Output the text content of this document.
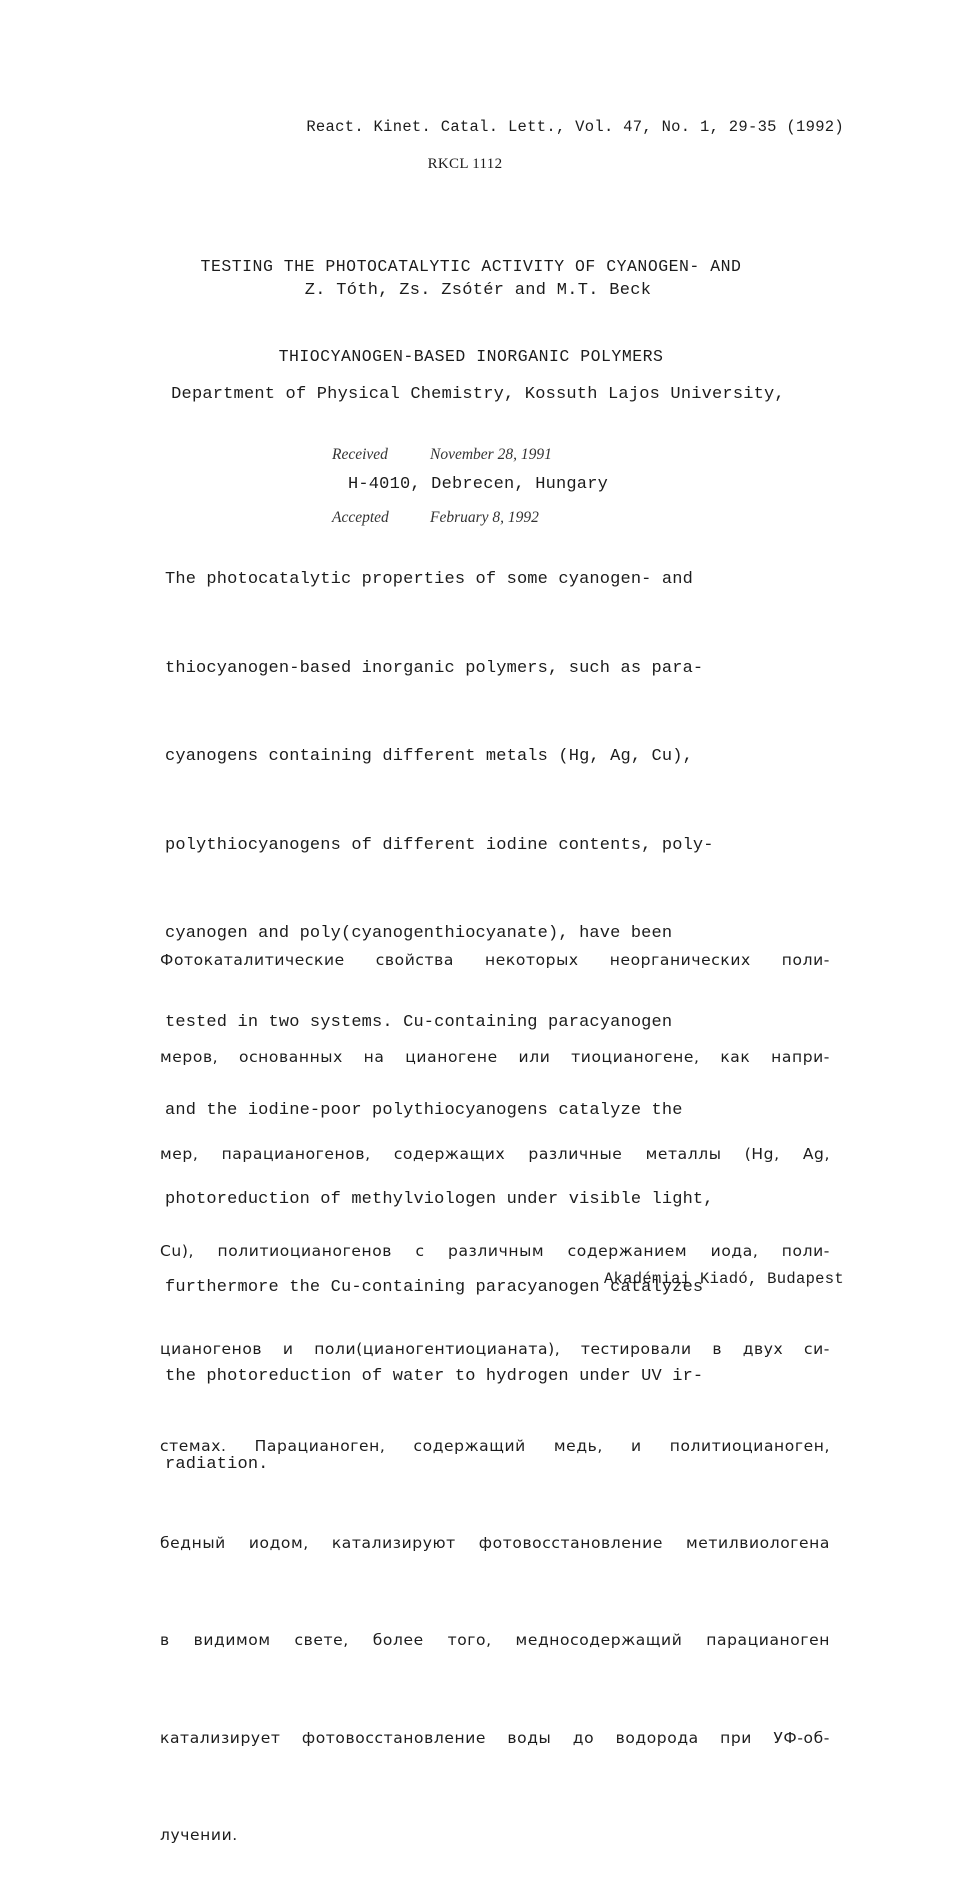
React. Kinet. Catal. Lett., Vol. 47, No. 1, 29-35 (1992)
RKCL 1112

TESTING THE PHOTOCATALYTIC ACTIVITY OF CYANOGEN- AND

THIOCYANOGEN-BASED INORGANIC POLYMERS

Z. Tóth, Zs. Zsótér and M.T. Beck

Department of Physical Chemistry, Kossuth Lajos University,

H-4010, Debrecen, Hungary

Received	November 28, 1991

Accepted	February 8, 1992

The photocatalytic properties of some cyanogen- and

thiocyanogen-based inorganic polymers, such as para-

cyanogens containing different metals (Hg, Ag, Cu),

polythiocyanogens of different iodine contents, poly-

cyanogen and poly(cyanogenthiocyanate), have been

tested in two systems. Cu-containing paracyanogen

and the iodine-poor polythiocyanogens catalyze the

photoreduction of methylviologen under visible light,

furthermore the Cu-containing paracyanogen catalyzes

the photoreduction of water to hydrogen under UV ir-

radiation.

Фотокаталитические свойства некоторых неорганических поли-

меров, основанных на цианогене или тиоцианогене, как напри-

мер, парацианогенов, содержащих различные металлы (Hg, Ag,

Cu), политиоцианогенов с различным содержанием иода, поли-

цианогенов и поли(цианогентиоцианата), тестировали в двух си-

стемах. Парацианоген, содержащий медь, и политиоцианоген,

бедный иодом, катализируют фотовосстановление метилвиологена

в видимом свете, более того, медносодержащий парацианоген

катализирует фотовосстановление воды до водорода при УФ-об-

лучении.

Akadémiai Kiadó, Budapest
